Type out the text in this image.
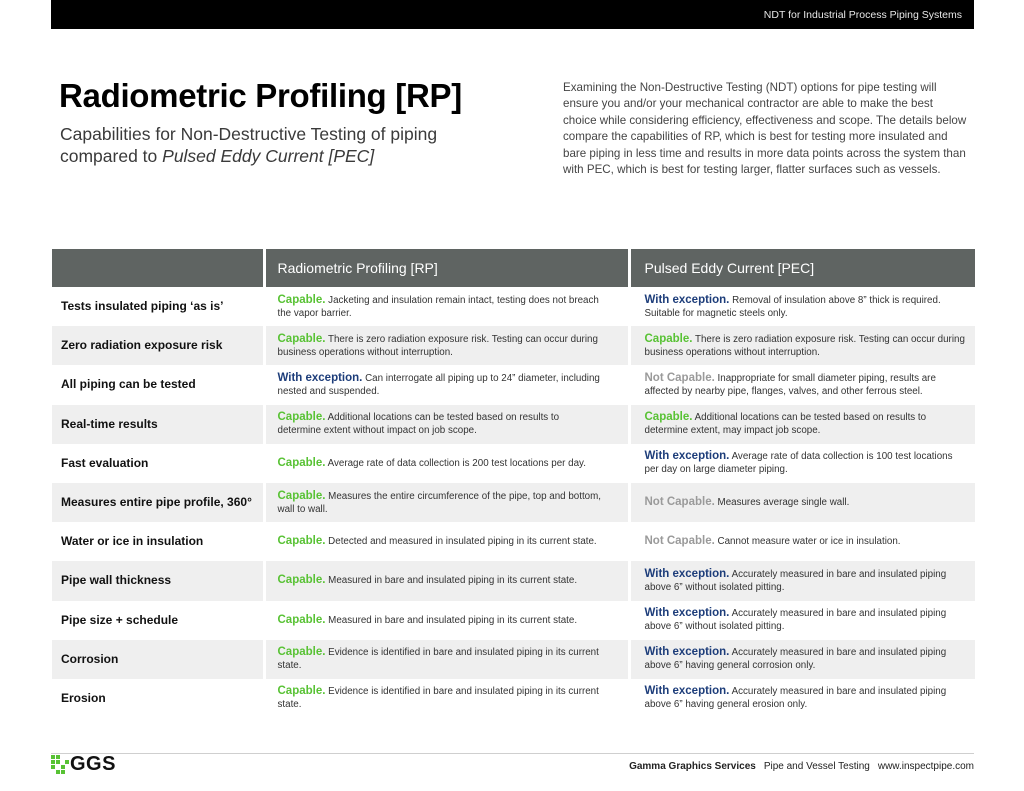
NDT for Industrial Process Piping Systems
Radiometric Profiling [RP]
Capabilities for Non-Destructive Testing of piping compared to Pulsed Eddy Current [PEC]

Examining the Non-Destructive Testing (NDT) options for pipe testing will ensure you and/or your mechanical contractor are able to make the best choice while considering efficiency, effectiveness and scope. The details below compare the capabilities of RP, which is best for testing more insulated and bare piping in less time and results in more data points across the system than with PEC, which is best for testing larger, flatter surfaces such as vessels.

	Radiometric Profiling [RP]	Pulsed Eddy Current [PEC]
Tests insulated piping ‘as is’	Capable. Jacketing and insulation remain intact, testing does not breach the vapor barrier.	With exception. Removal of insulation above 8” thick is required. Suitable for magnetic steels only.
Zero radiation exposure risk	Capable. There is zero radiation exposure risk. Testing can occur during business operations without interruption.	Capable. There is zero radiation exposure risk. Testing can occur during business operations without interruption.
All piping can be tested	With exception. Can interrogate all piping up to 24” diameter, including nested and suspended.	Not Capable. Inappropriate for small diameter piping, results are affected by nearby pipe, flanges, valves, and other ferrous steel.
Real-time results	Capable. Additional locations can be tested based on results to determine extent without impact on job scope.	Capable. Additional locations can be tested based on results to determine extent, may impact job scope.
Fast evaluation	Capable. Average rate of data collection is 200 test locations per day.	With exception. Average rate of data collection is 100 test locations per day on large diameter piping.
Measures entire pipe profile, 360°	Capable. Measures the entire circumference of the pipe, top and bottom, wall to wall.	Not Capable. Measures average single wall.
Water or ice in insulation	Capable. Detected and measured in insulated piping in its current state.	Not Capable. Cannot measure water or ice in insulation.
Pipe wall thickness	Capable. Measured in bare and insulated piping in its current state.	With exception. Accurately measured in bare and insulated piping above 6” without isolated pitting.
Pipe size + schedule	Capable. Measured in bare and insulated piping in its current state.	With exception. Accurately measured in bare and insulated piping above 6” without isolated pitting.
Corrosion	Capable. Evidence is identified in bare and insulated piping in its current state.	With exception. Accurately measured in bare and insulated piping above 6” having general corrosion only.
Erosion	Capable. Evidence is identified in bare and insulated piping in its current state.	With exception. Accurately measured in bare and insulated piping above 6” having general erosion only.
GGS	Gamma Graphics Services Pipe and Vessel Testing www.inspectpipe.com
